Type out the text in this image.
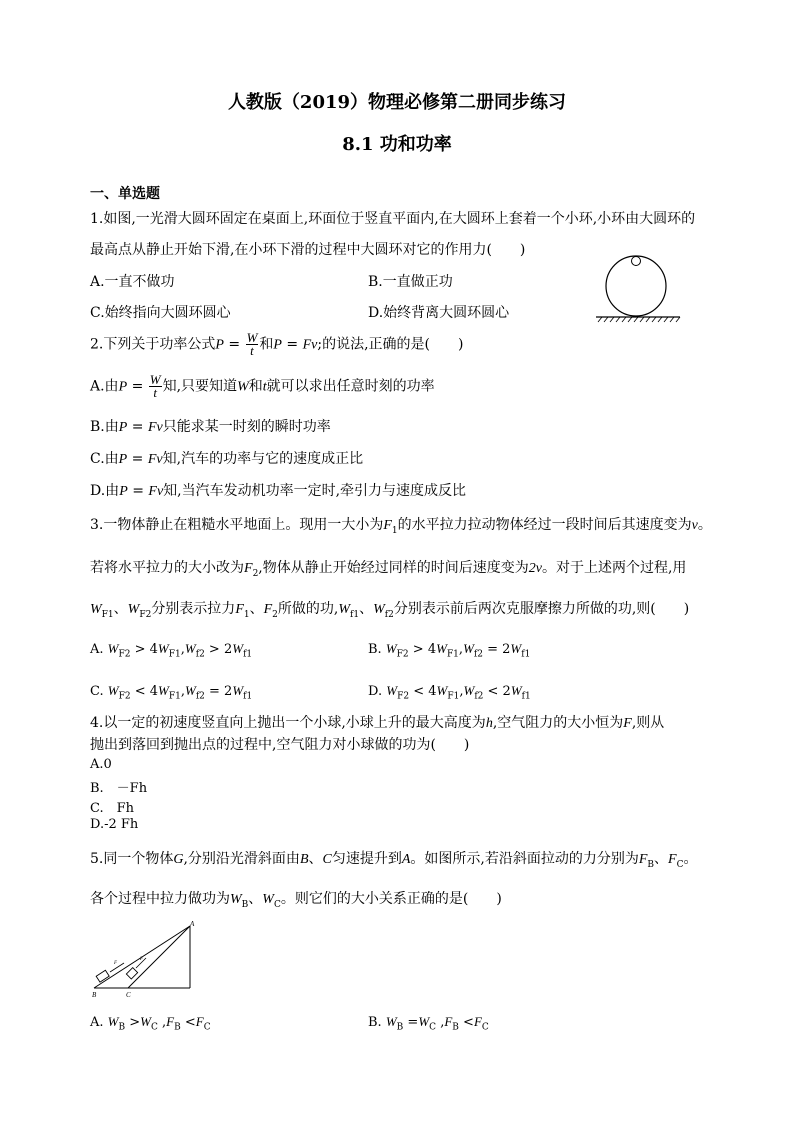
人教版（2019）物理必修第二册同步练习
8.1 功和功率
一、单选题
1.如图,一光滑大圆环固定在桌面上,环面位于竖直平面内,在大圆环上套着一个小环,小环由大圆环的
最高点从静止开始下滑,在小环下滑的过程中大圆环对它的作用力(　　)
A.一直不做功	B.一直做正功
C.始终指向大圆环圆心	D.始终背离大圆环圆心
2.下列关于功率公式$P = \frac{W}{t}$ 和P = Fv;的说法,正确的是(　　)
A.由$P = \frac{W}{t}$ 知,只要知道W和t就可以求出任意时刻的功率
B.由P = Fv只能求某一时刻的瞬时功率
C.由P = Fv知,汽车的功率与它的速度成正比
D.由P = Fv知,当汽车发动机功率一定时,牵引力与速度成反比
3.一物体静止在粗糙水平地面上。现用一大小为$F_1$的水平拉力拉动物体经过一段时间后其速度变为v。
若将水平拉力的大小改为$F_2$,物体从静止开始经过同样的时间后速度变为2v。对于上述两个过程,用
$W_{F1}$、$W_{F2}$分别表示拉力$F_1$、$F_2$所做的功$,W_{f1}$、$W_{f2}$分别表示前后两次克服摩擦力所做的功,则(　　)
A. $W_{F2} > 4W_{F1},W_{f2} > 2W_{f1}$	B. $W_{F2} > 4W_{F1},W_{f2} = 2W_{f1}$
C. $W_{F2} < 4W_{F1},W_{f2} = 2W_{f1}$	D. $W_{F2} < 4W_{F1},W_{f2} < 2W_{f1}$
4.以一定的初速度竖直向上抛出一个小球,小球上升的最大高度为h,空气阻力的大小恒为F,则从
抛出到落回到抛出点的过程中,空气阻力对小球做的功为(　　)
A.0
B.　－Fh
C.　Fh
D.-2 Fh
5.同一个物体G,分别沿光滑斜面由B、C匀速提升到A。如图所示,若沿斜面拉动的力分别为$F_B$、$F_C$。
各个过程中拉力做功为$W_B$、$W_C$。则它们的大小关系正确的是(　　)
A
B	C
F
F
A. $W_B >W_C$ $,F_B <F_C$	B. $W_B =W_C$ $,F_B <F_C$
